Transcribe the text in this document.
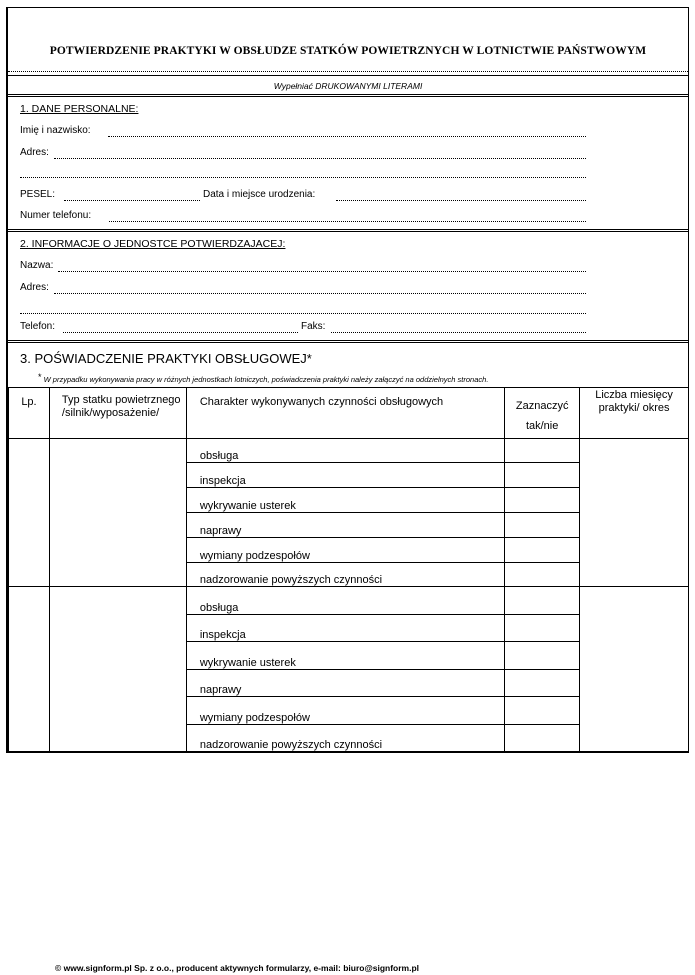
POTWIERDZENIE PRAKTYKI W OBSŁUDZE STATKÓW POWIETRZNYCH W LOTNICTWIE PAŃSTWOWYM
Wypełniać DRUKOWANYMI LITERAMI
1. DANE PERSONALNE:
Imię i nazwisko:
Adres:
PESEL:	Data i miejsce urodzenia:
Numer telefonu:
2. INFORMACJE O JEDNOSTCE POTWIERDZAJACEJ:
Nazwa:
Adres:
Telefon:	Faks:
3. POŚWIADCZENIE PRAKTYKI OBSŁUGOWEJ*
* W przypadku wykonywania pracy w różnych jednostkach lotniczych, poświadczenia praktyki należy załączyć na oddzielnych stronach.
Lp.	Typ statku powietrznego /silnik/wyposażenie/	Charakter wykonywanych czynności obsługowych	Zaznaczyć tak/nie	Liczba miesięcy praktyki/ okres
		obsługa		
		inspekcja		
		wykrywanie usterek		
		naprawy		
		wymiany podzespołów		
		nadzorowanie powyższych czynności		
		obsługa		
		inspekcja		
		wykrywanie usterek		
		naprawy		
		wymiany podzespołów		
		nadzorowanie powyższych czynności		
© www.signform.pl Sp. z o.o., producent aktywnych formularzy, e-mail: biuro@signform.pl
